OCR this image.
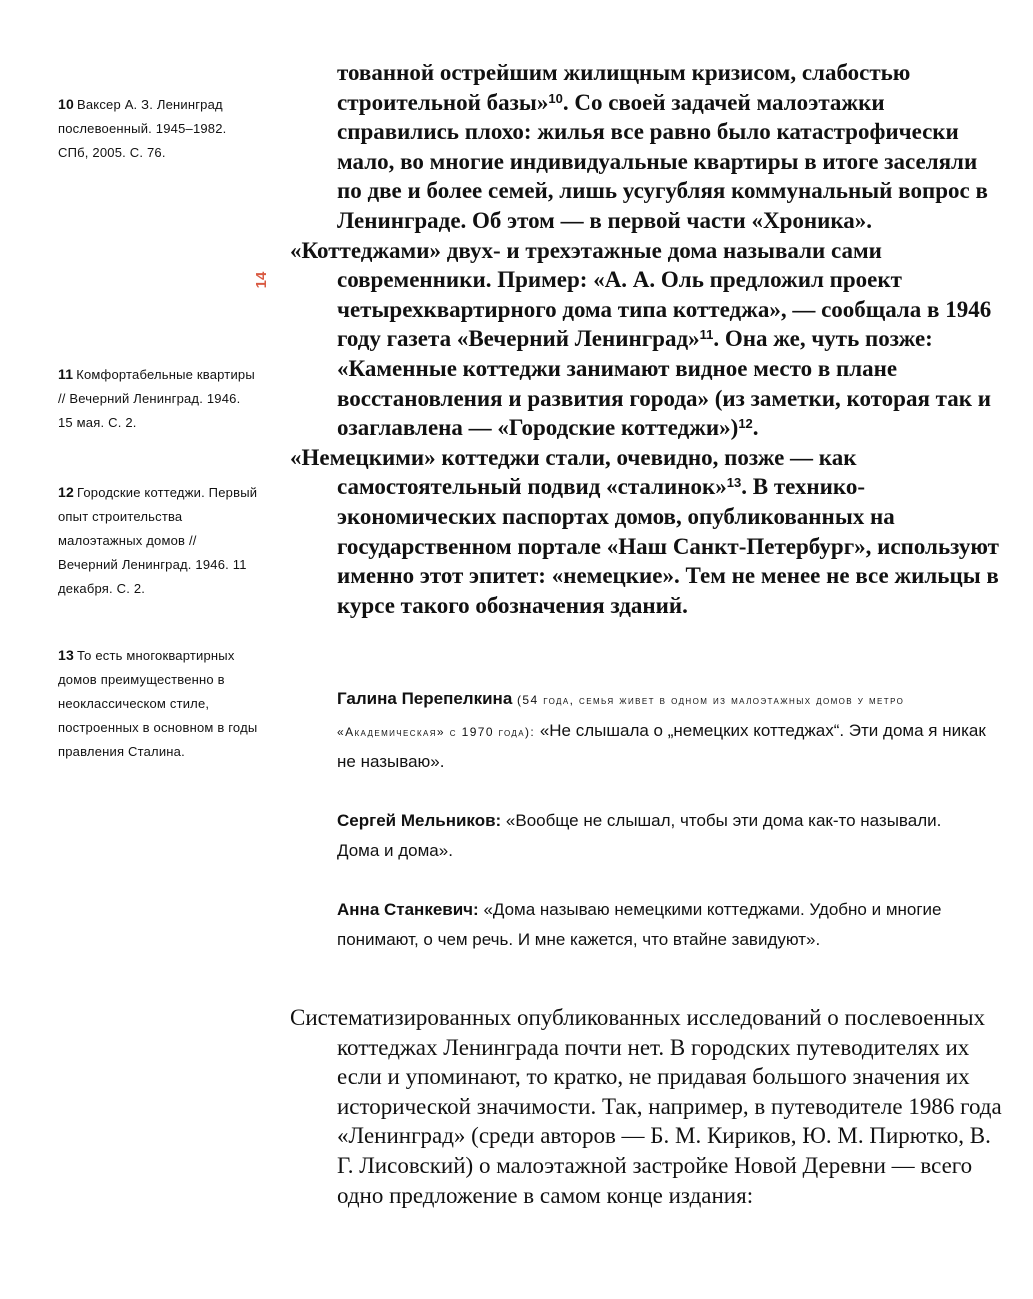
14
10 Ваксер А. З. Ленинград послевоенный. 1945–1982. СПб, 2005. С. 76.
11 Комфортабельные квартиры // Вечерний Ленинград. 1946. 15 мая. С. 2.
12 Городские коттеджи. Первый опыт строительства малоэтажных домов // Вечерний Ленинград. 1946. 11 декабря. С. 2.
13 То есть многоквартирных домов преимущественно в неоклассическом стиле, построенных в основном в годы правления Сталина.

тованной острейшим жилищным кризисом, слабостью строительной базы»$^{10}$. Со своей задачей малоэтажки справились плохо: жилья все равно было катастрофически мало, во многие индивидуальные квартиры в итоге заселяли по две и более семей, лишь усугубляя коммунальный вопрос в Ленинграде. Об этом — в первой части «Хроника».

«Коттеджами» двух- и трехэтажные дома называли сами современники. Пример: «А. А. Оль предложил проект четырехквартирного дома типа коттеджа», — сообщала в 1946 году газета «Вечерний Ленинград»$^{11}$. Она же, чуть позже: «Каменные коттеджи занимают видное место в плане восстановления и развития города» (из заметки, которая так и озаглавлена — «Городские коттеджи»)$^{12}$.

«Немецкими» коттеджи стали, очевидно, позже — как самостоятельный подвид «сталинок»$^{13}$. В технико-экономических паспортах домов, опубликованных на государственном портале «Наш Санкт-Петербург», используют именно этот эпитет: «немецкие». Тем не менее не все жильцы в курсе такого обозначения зданий.

Галина Перепелкина (54 года, семья живет в одном из малоэтажных домов у метро «Академическая» с 1970 года): «Не слышала о „немецких коттеджах“. Эти дома я никак не называю».

Сергей Мельников: «Вообще не слышал, чтобы эти дома как-то называли. Дома и дома».

Анна Станкевич: «Дома называю немецкими коттеджами. Удобно и многие понимают, о чем речь. И мне кажется, что втайне завидуют».

Систематизированных опубликованных исследований о послевоенных коттеджах Ленинграда почти нет. В городских путеводителях их если и упоминают, то кратко, не придавая большого значения их исторической значимости. Так, например, в путеводителе 1986 года «Ленинград» (среди авторов — Б. М. Кириков, Ю. М. Пирютко, В. Г. Лисовский) о малоэтажной застройке Новой Деревни — всего одно предложение в самом конце издания:
